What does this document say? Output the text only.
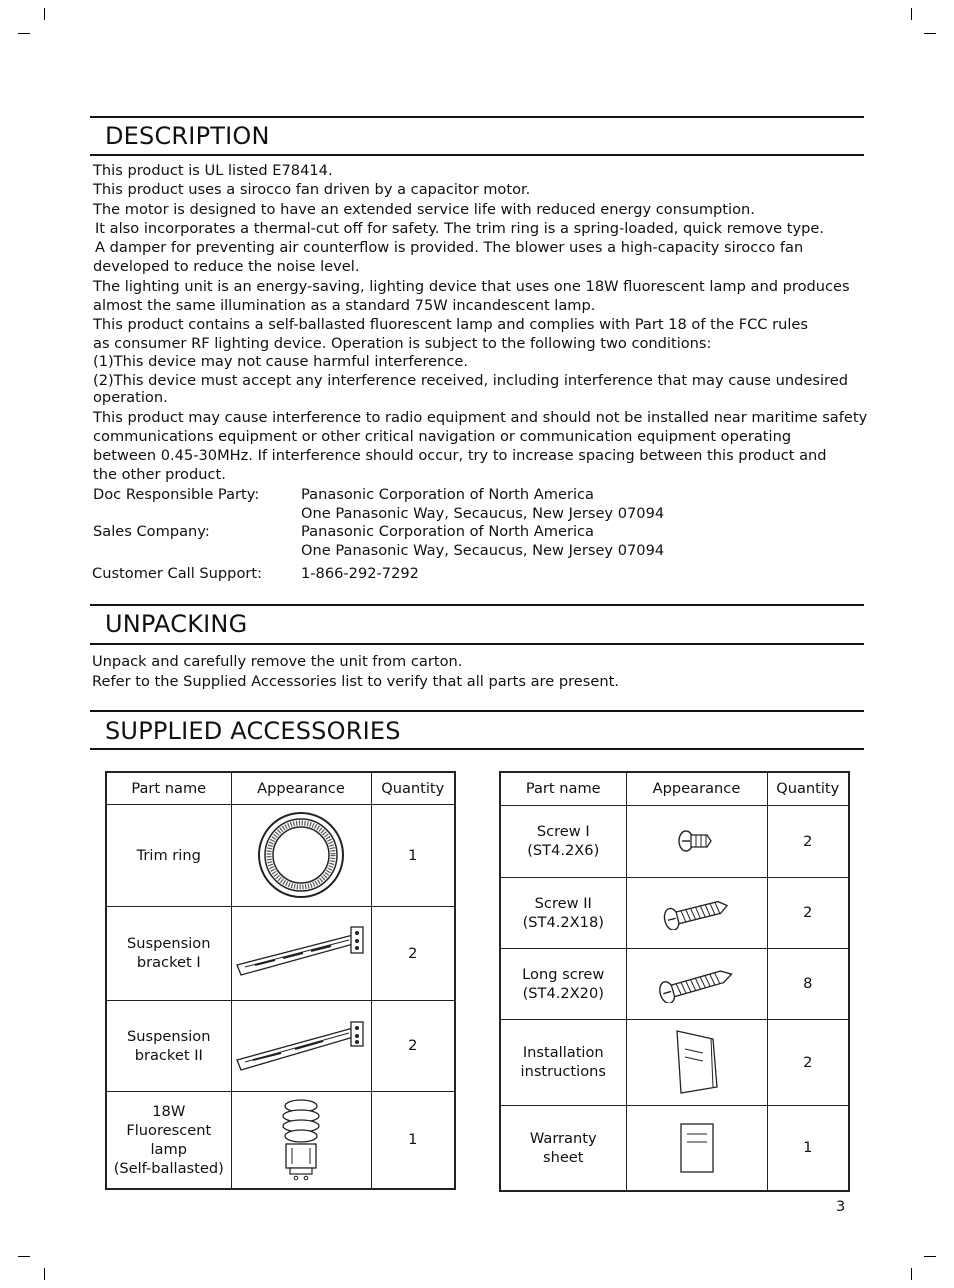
DESCRIPTION
This product is UL listed E78414.
This product uses a sirocco fan driven by a capacitor motor.
The motor is designed to have an extended service life with reduced energy consumption.
It also incorporates a thermal-cut off for safety. The trim ring is a spring-loaded, quick remove type.
A damper for preventing air counterflow is provided. The blower uses a high-capacity sirocco fan
developed to reduce the noise level.
The lighting unit is an energy-saving, lighting device that uses one 18W fluorescent lamp and produces
almost the same illumination as a standard 75W incandescent lamp.
This product contains a self-ballasted fluorescent lamp and complies with Part 18 of the FCC rules
as consumer RF lighting device. Operation is subject to the following two conditions:
(1)This device may not cause harmful interference.
(2)This device must accept any interference received, including interference that may cause undesired
operation.
This product may cause interference to radio equipment and should not be installed near maritime safety
communications equipment or other critical navigation or communication equipment operating
between 0.45-30MHz. If interference should occur, try to increase spacing between this product and
the other product.
Doc Responsible Party:	Panasonic Corporation of North America
One Panasonic Way, Secaucus, New Jersey 07094
Sales Company:	Panasonic Corporation of North America
One Panasonic Way, Secaucus, New Jersey 07094
Customer Call Support:	1-866-292-7292
UNPACKING
Unpack and carefully remove the unit from carton.
Refer to the Supplied Accessories list to verify that all parts are present.
SUPPLIED ACCESSORIES
Part name	Appearance	Quantity
Trim ring		1
Suspension
bracket I		2
Suspension
bracket II		2
18W
Fluorescent lamp
(Self-ballasted)		1
Part name	Appearance	Quantity
Screw I
(ST4.2X6)		2
Screw II
(ST4.2X18)		2
Long screw
(ST4.2X20)		8
Installation
instructions		2
Warranty
sheet		1
3
